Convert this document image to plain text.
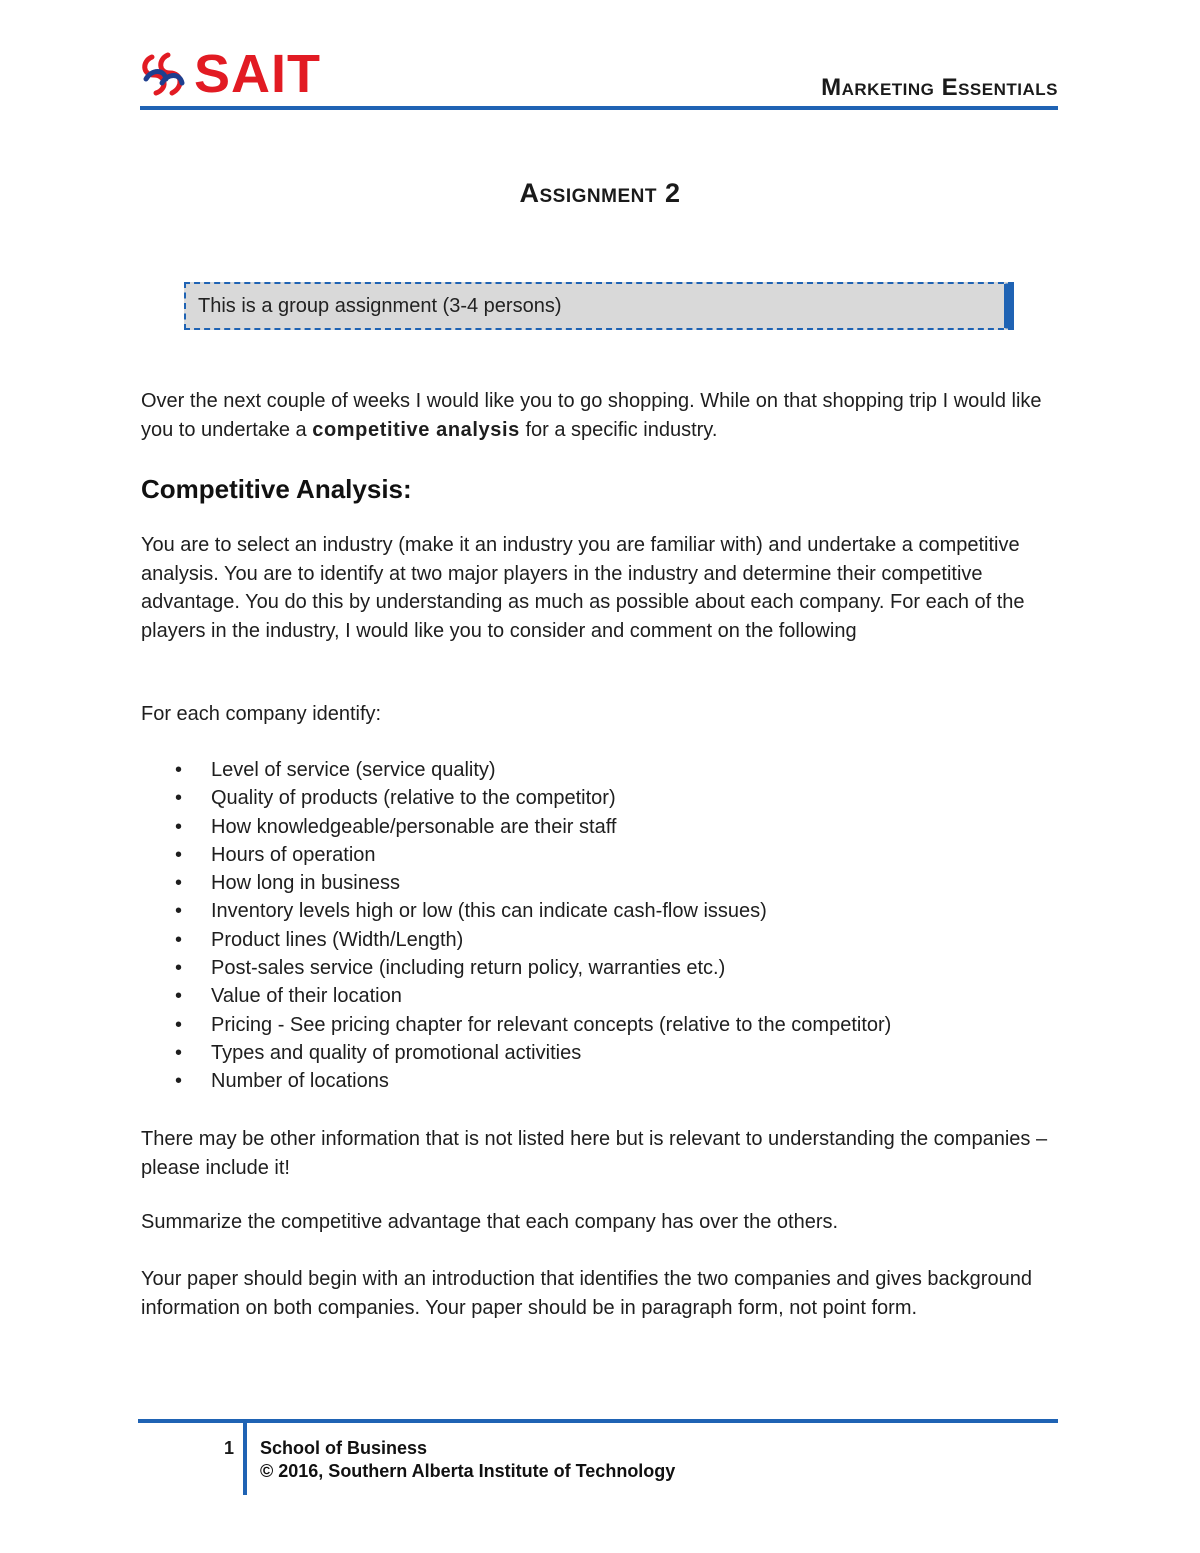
SAIT	Marketing Essentials
Assignment 2
This is a group assignment (3-4 persons)

Over the next couple of weeks I would like you to go shopping. While on that shopping trip I would like you to undertake a competitive analysis for a specific industry.

Competitive Analysis:

You are to select an industry (make it an industry you are familiar with) and undertake a competitive analysis. You are to identify at two major players in the industry and determine their competitive advantage. You do this by understanding as much as possible about each company. For each of the players in the industry, I would like you to consider and comment on the following

For each company identify:

• Level of service (service quality)
• Quality of products (relative to the competitor)
• How knowledgeable/personable are their staff
• Hours of operation
• How long in business
• Inventory levels high or low (this can indicate cash-flow issues)
• Product lines (Width/Length)
• Post-sales service (including return policy, warranties etc.)
• Value of their location
• Pricing - See pricing chapter for relevant concepts (relative to the competitor)
• Types and quality of promotional activities
• Number of locations

There may be other information that is not listed here but is relevant to understanding the companies – please include it!

Summarize the competitive advantage that each company has over the others.

Your paper should begin with an introduction that identifies the two companies and gives background information on both companies. Your paper should be in paragraph form, not point form.

1 School of Business
© 2016, Southern Alberta Institute of Technology
